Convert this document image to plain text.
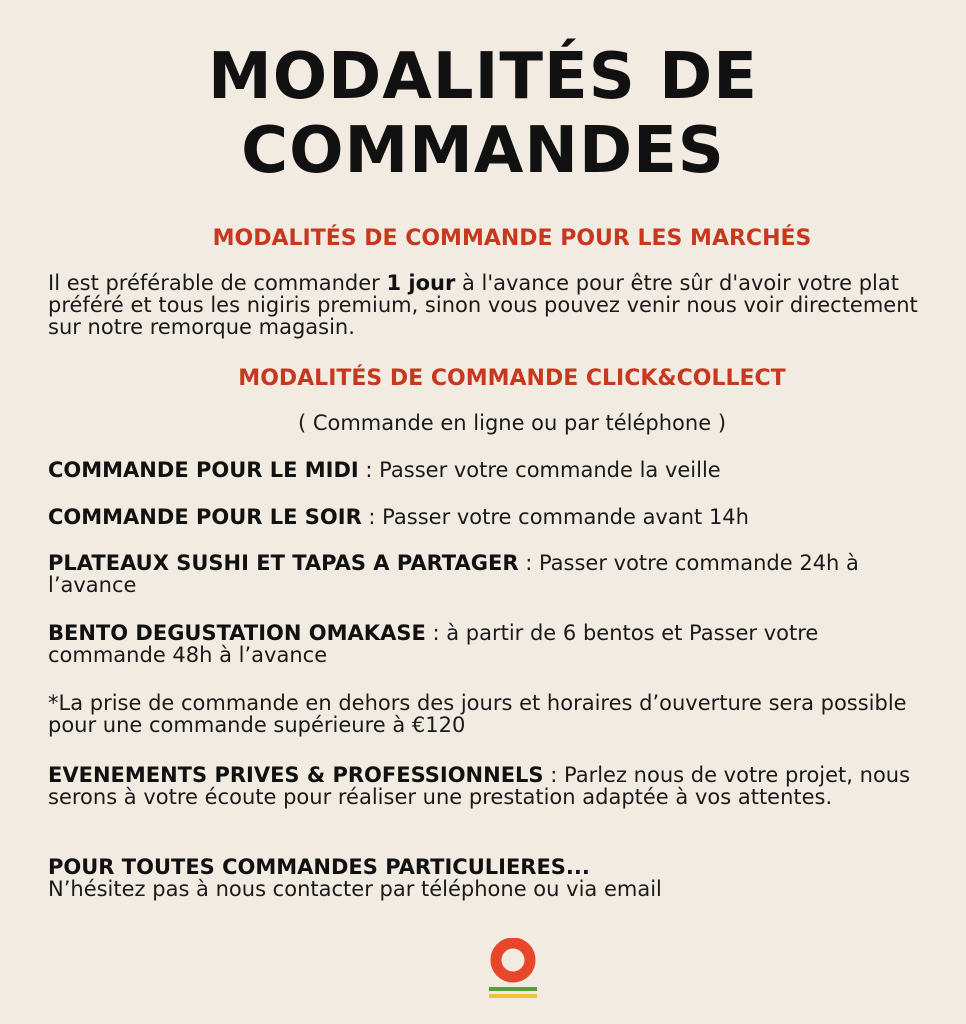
MODALITÉS DE
COMMANDES
MODALITÉS DE COMMANDE POUR LES MARCHÉS

Il est préférable de commander 1 jour à l'avance pour être sûr d'avoir votre plat préféré et tous les nigiris premium, sinon vous pouvez venir nous voir directement sur notre remorque magasin.

MODALITÉS DE COMMANDE CLICK&COLLECT

( Commande en ligne ou par téléphone )

COMMANDE POUR LE MIDI : Passer votre commande la veille

COMMANDE POUR LE SOIR : Passer votre commande avant 14h

PLATEAUX SUSHI ET TAPAS A PARTAGER : Passer votre commande 24h à l’avance

BENTO DEGUSTATION OMAKASE : à partir de 6 bentos et Passer votre commande 48h à l’avance

*La prise de commande en dehors des jours et horaires d’ouverture sera possible pour une commande supérieure à €120

EVENEMENTS PRIVES & PROFESSIONNELS : Parlez nous de votre projet, nous serons à votre écoute pour réaliser une prestation adaptée à vos attentes.

POUR TOUTES COMMANDES PARTICULIERES...
N’hésitez pas à nous contacter par téléphone ou via email
